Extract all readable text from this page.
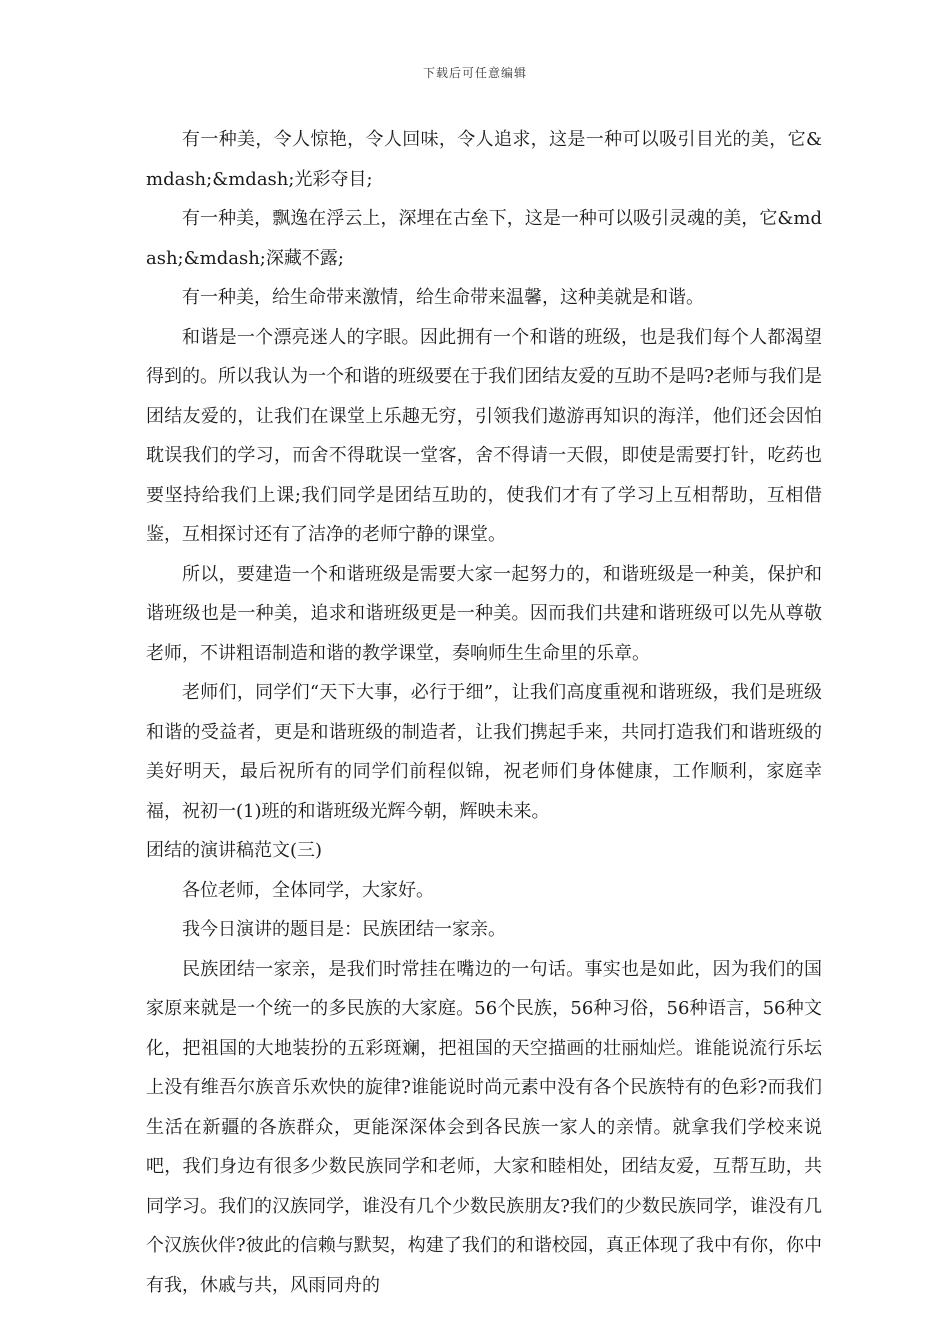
下载后可任意编辑

有一种美，令人惊艳，令人回味，令人追求，这是一种可以吸引目光的美，它&mdash;&mdash;光彩夺目;

有一种美，飘逸在浮云上，深埋在古垒下，这是一种可以吸引灵魂的美，它&mdash;&mdash;深藏不露;

有一种美，给生命带来激情，给生命带来温馨，这种美就是和谐。

和谐是一个漂亮迷人的字眼。因此拥有一个和谐的班级，也是我们每个人都渴望得到的。所以我认为一个和谐的班级要在于我们团结友爱的互助不是吗?老师与我们是团结友爱的，让我们在课堂上乐趣无穷，引领我们遨游再知识的海洋，他们还会因怕耽误我们的学习，而舍不得耽误一堂客，舍不得请一天假，即使是需要打针，吃药也要坚持给我们上课;我们同学是团结互助的，使我们才有了学习上互相帮助，互相借鉴，互相探讨还有了洁净的老师宁静的课堂。

所以，要建造一个和谐班级是需要大家一起努力的，和谐班级是一种美，保护和谐班级也是一种美，追求和谐班级更是一种美。因而我们共建和谐班级可以先从尊敬老师，不讲粗语制造和谐的教学课堂，奏响师生生命里的乐章。

老师们，同学们“天下大事，必行于细”，让我们高度重视和谐班级，我们是班级和谐的受益者，更是和谐班级的制造者，让我们携起手来，共同打造我们和谐班级的美好明天，最后祝所有的同学们前程似锦，祝老师们身体健康，工作顺利，家庭幸福，祝初一(1)班的和谐班级光辉今朝，辉映未来。

团结的演讲稿范文(三)

各位老师，全体同学，大家好。

我今日演讲的题目是：民族团结一家亲。

民族团结一家亲，是我们时常挂在嘴边的一句话。事实也是如此，因为我们的国家原来就是一个统一的多民族的大家庭。56个民族，56种习俗，56种语言，56种文化，把祖国的大地装扮的五彩斑斓，把祖国的天空描画的壮丽灿烂。谁能说流行乐坛上没有维吾尔族音乐欢快的旋律?谁能说时尚元素中没有各个民族特有的色彩?而我们生活在新疆的各族群众，更能深深体会到各民族一家人的亲情。就拿我们学校来说吧，我们身边有很多少数民族同学和老师，大家和睦相处，团结友爱，互帮互助，共同学习。我们的汉族同学，谁没有几个少数民族朋友?我们的少数民族同学，谁没有几个汉族伙伴?彼此的信赖与默契，构建了我们的和谐校园，真正体现了我中有你，你中有我，休戚与共，风雨同舟的
